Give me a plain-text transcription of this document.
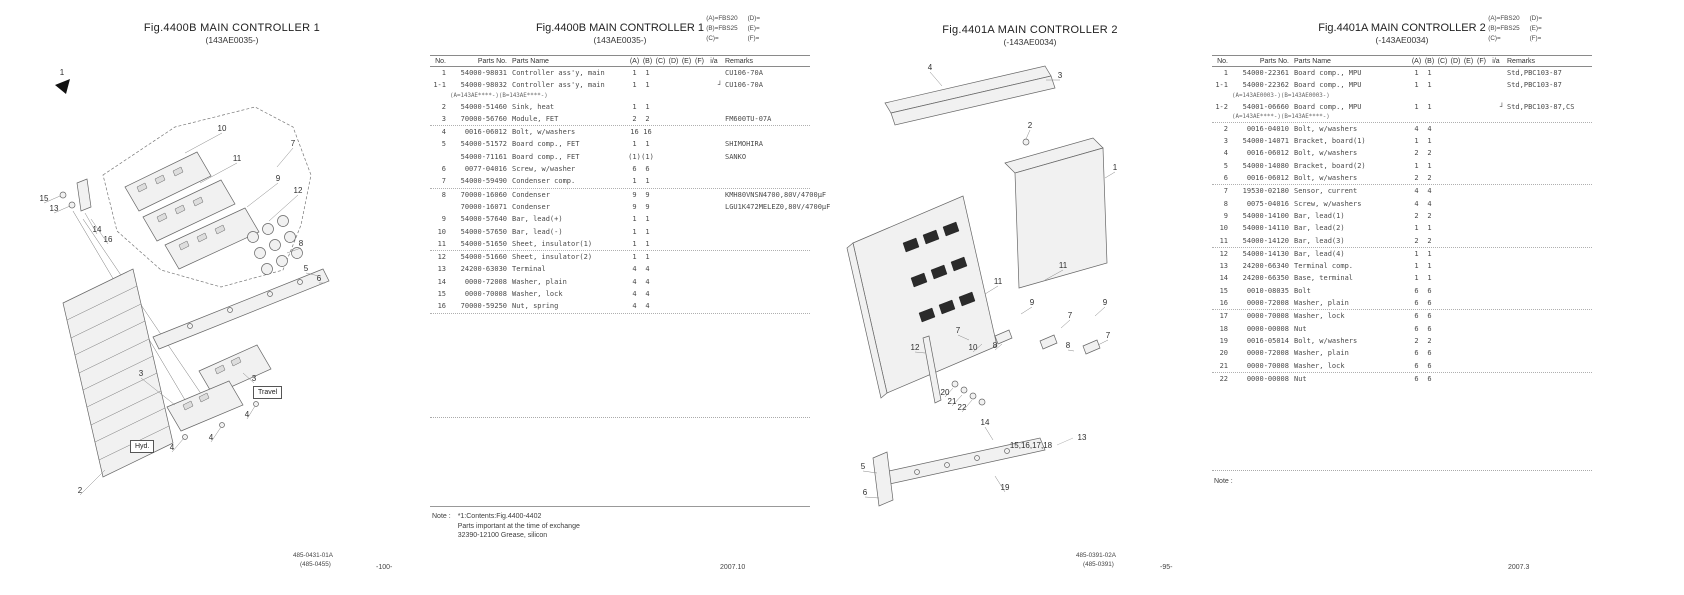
Fig.4400B MAIN CONTROLLER 1
(143AE0035-)
1
10
7
11
9
12
8
15
13
14
16
5
6
2
3
3
4
4
4
Travel
Hyd.
Fig.4400B MAIN CONTROLLER 1
(143AE0035-)
(A)=FBS20 (D)=
(B)=FBS25 (E)=
(C)=	(F)=
No.	Parts No. Parts Name	(A) (B) (C) (D) (E) (F) i/a	Remarks
1	54000-98031 Controller ass'y, main	1	1	CU106-70A
1-1	54000-98032 Controller ass'y, main	1	1	┘ CU106-70A
(A=143AE****-)(B=143AE****-)
2	54000-51460 Sink, heat	1	1
3	70000-56760 Module, FET	2	2	FM600TU-07A
4	0016-06012 Bolt, w/washers	16 16
5	54000-51572 Board comp., FET	1	1	SHIMOHIRA
54000-71161 Board comp., FET	(1) (1)	SANKO
6	0077-04016 Screw, w/washer	6	6
7	54000-59490 Condenser comp.	1	1
8	70000-16060 Condenser	9	9	KMH80VNSN4700,80V/4700µF
70000-16071 Condenser	9	9	LGU1K472MELEZ0,80V/4700µF
9	54000-57640 Bar, lead(+)	1	1
10	54000-57650 Bar, lead(-)	1	1
11	54000-51650 Sheet, insulator(1)	1	1
12	54000-51660 Sheet, insulator(2)	1	1
13	24200-63030 Terminal	4	4
14	0000-72008 Washer, plain	4	4
15	0000-70008 Washer, lock	4	4
16	70000-59250 Nut, spring	4	4
Note : *1:Contents:Fig.4400-4402
Parts important at the time of exchange
32390-12100 Grease, silicon
485-0431-01A
(485-0455)	-100-	2007.10
Fig.4401A MAIN CONTROLLER 2
(-143AE0034)
4
3
2
1
11
11
9	9
7
7
7
8	8
10
12
20
21
22
14
13
15,16,17,18
19
5
6
Fig.4401A MAIN CONTROLLER 2
(-143AE0034)
(A)=FBS20 (D)=
(B)=FBS25 (E)=
(C)=	(F)=
No.	Parts No. Parts Name	(A) (B) (C) (D) (E) (F) i/a	Remarks
1	54000-22361 Board comp., MPU	1	1	Std,PBC103-87
1-1	54000-22362 Board comp., MPU	1	1	Std,PBC103-87
(A=143AE0003-)(B=143AE0003-)
1-2	54001-06660 Board comp., MPU	1	1	┘ Std,PBC103-87,CS
(A=143AE****-)(B=143AE****-)
2	0016-04010 Bolt, w/washers	4	4
3	54000-14071 Bracket, board(1)	1	1
4	0016-06012 Bolt, w/washers	2	2
5	54000-14080 Bracket, board(2)	1	1
6	0016-06012 Bolt, w/washers	2	2
7	19530-02180 Sensor, current	4	4
8	0075-04016 Screw, w/washers	4	4
9	54000-14100 Bar, lead(1)	2	2
10	54000-14110 Bar, lead(2)	1	1
11	54000-14120 Bar, lead(3)	2	2
12	54000-14130 Bar, lead(4)	1	1
13	24200-66340 Terminal comp.	1	1
14	24200-66350 Base, terminal	1	1
15	0010-08035 Bolt	6	6
16	0000-72008 Washer, plain	6	6
17	0000-70008 Washer, lock	6	6
18	0000-00008 Nut	6	6
19	0016-05014 Bolt, w/washers	2	2
20	0000-72008 Washer, plain	6	6
21	0000-70008 Washer, lock	6	6
22	0000-00008 Nut	6	6
Note :
485-0391-02A
(485-0391)	-95-	2007.3
